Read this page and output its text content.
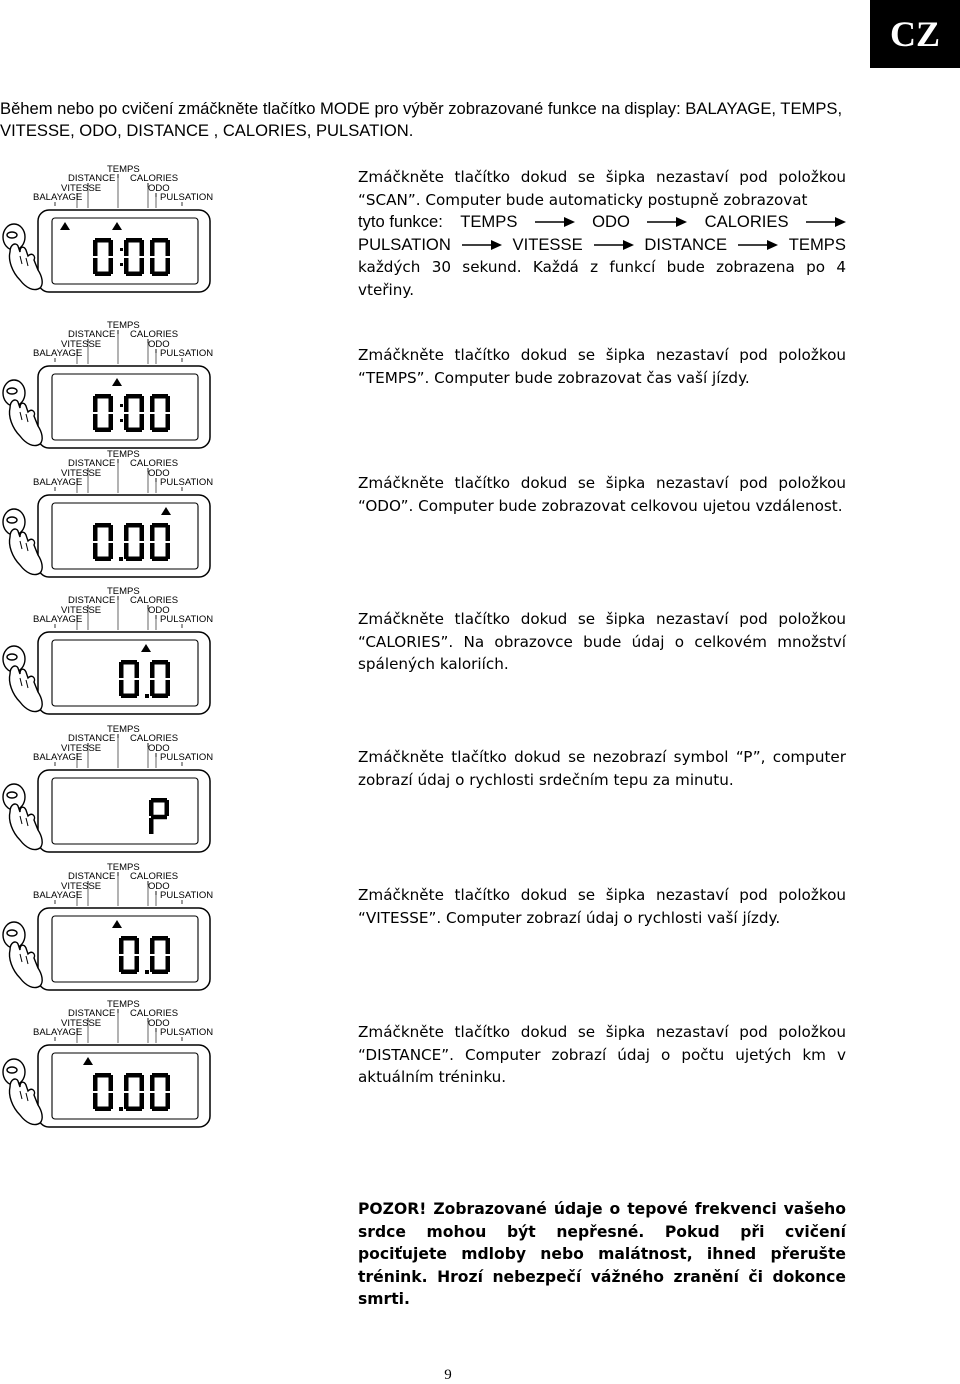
CZ

Během nebo po cvičení zmáčkněte tlačítko MODE pro výběr zobrazované funkce na display: BALAYAGE, TEMPS, VITESSE, ODO, DISTANCE , CALORIES, PULSATION.

TEMPS
DISTANCE CALORIES
VITESSE	ODO
BALAYAGE	PULSATION
TEMPS
DISTANCE CALORIES
VITESSE	ODO
BALAYAGE	PULSATION
TEMPS
DISTANCE CALORIES
VITESSE	ODO
BALAYAGE	PULSATION
TEMPS
DISTANCE CALORIES
VITESSE	ODO
BALAYAGE	PULSATION
TEMPS
DISTANCE CALORIES
VITESSE	ODO
BALAYAGE	PULSATION
TEMPS
DISTANCE CALORIES
VITESSE	ODO
BALAYAGE	PULSATION
TEMPS
DISTANCE CALORIES
VITESSE	ODO
BALAYAGE	PULSATION
Zmáčkněte tlačítko dokud se šipka nezastaví pod položkou “SCAN”. Computer bude automaticky postupně zobrazovat
tyto funkce: TEMPS	ODO	CALORIES
PULSATION	VITESSE	DISTANCE	TEMPS
každých 30 sekund. Každá z funkcí bude zobrazena po 4 vteřiny.
Zmáčkněte tlačítko dokud se šipka nezastaví pod položkou “TEMPS”. Computer bude zobrazovat čas vaší jízdy.
Zmáčkněte tlačítko dokud se šipka nezastaví pod položkou “ODO”. Computer bude zobrazovat celkovou ujetou vzdálenost.
Zmáčkněte tlačítko dokud se šipka nezastaví pod položkou “CALORIES”. Na obrazovce bude údaj o celkovém množství spálených kaloriích.
Zmáčkněte tlačítko dokud se nezobrazí symbol “P”, computer zobrazí údaj o rychlosti srdečním tepu za minutu.
Zmáčkněte tlačítko dokud se šipka nezastaví pod položkou “VITESSE”. Computer zobrazí údaj o rychlosti vaší jízdy.
Zmáčkněte tlačítko dokud se šipka nezastaví pod položkou “DISTANCE”. Computer zobrazí údaj o počtu ujetých km v aktuálním tréninku.
POZOR! Zobrazované údaje o tepové frekvenci vašeho srdce mohou být nepřesné. Pokud při cvičení pociťujete mdloby nebo malátnost, ihned přerušte trénink. Hrozí nebezpečí vážného zranění či dokonce smrti.
9
